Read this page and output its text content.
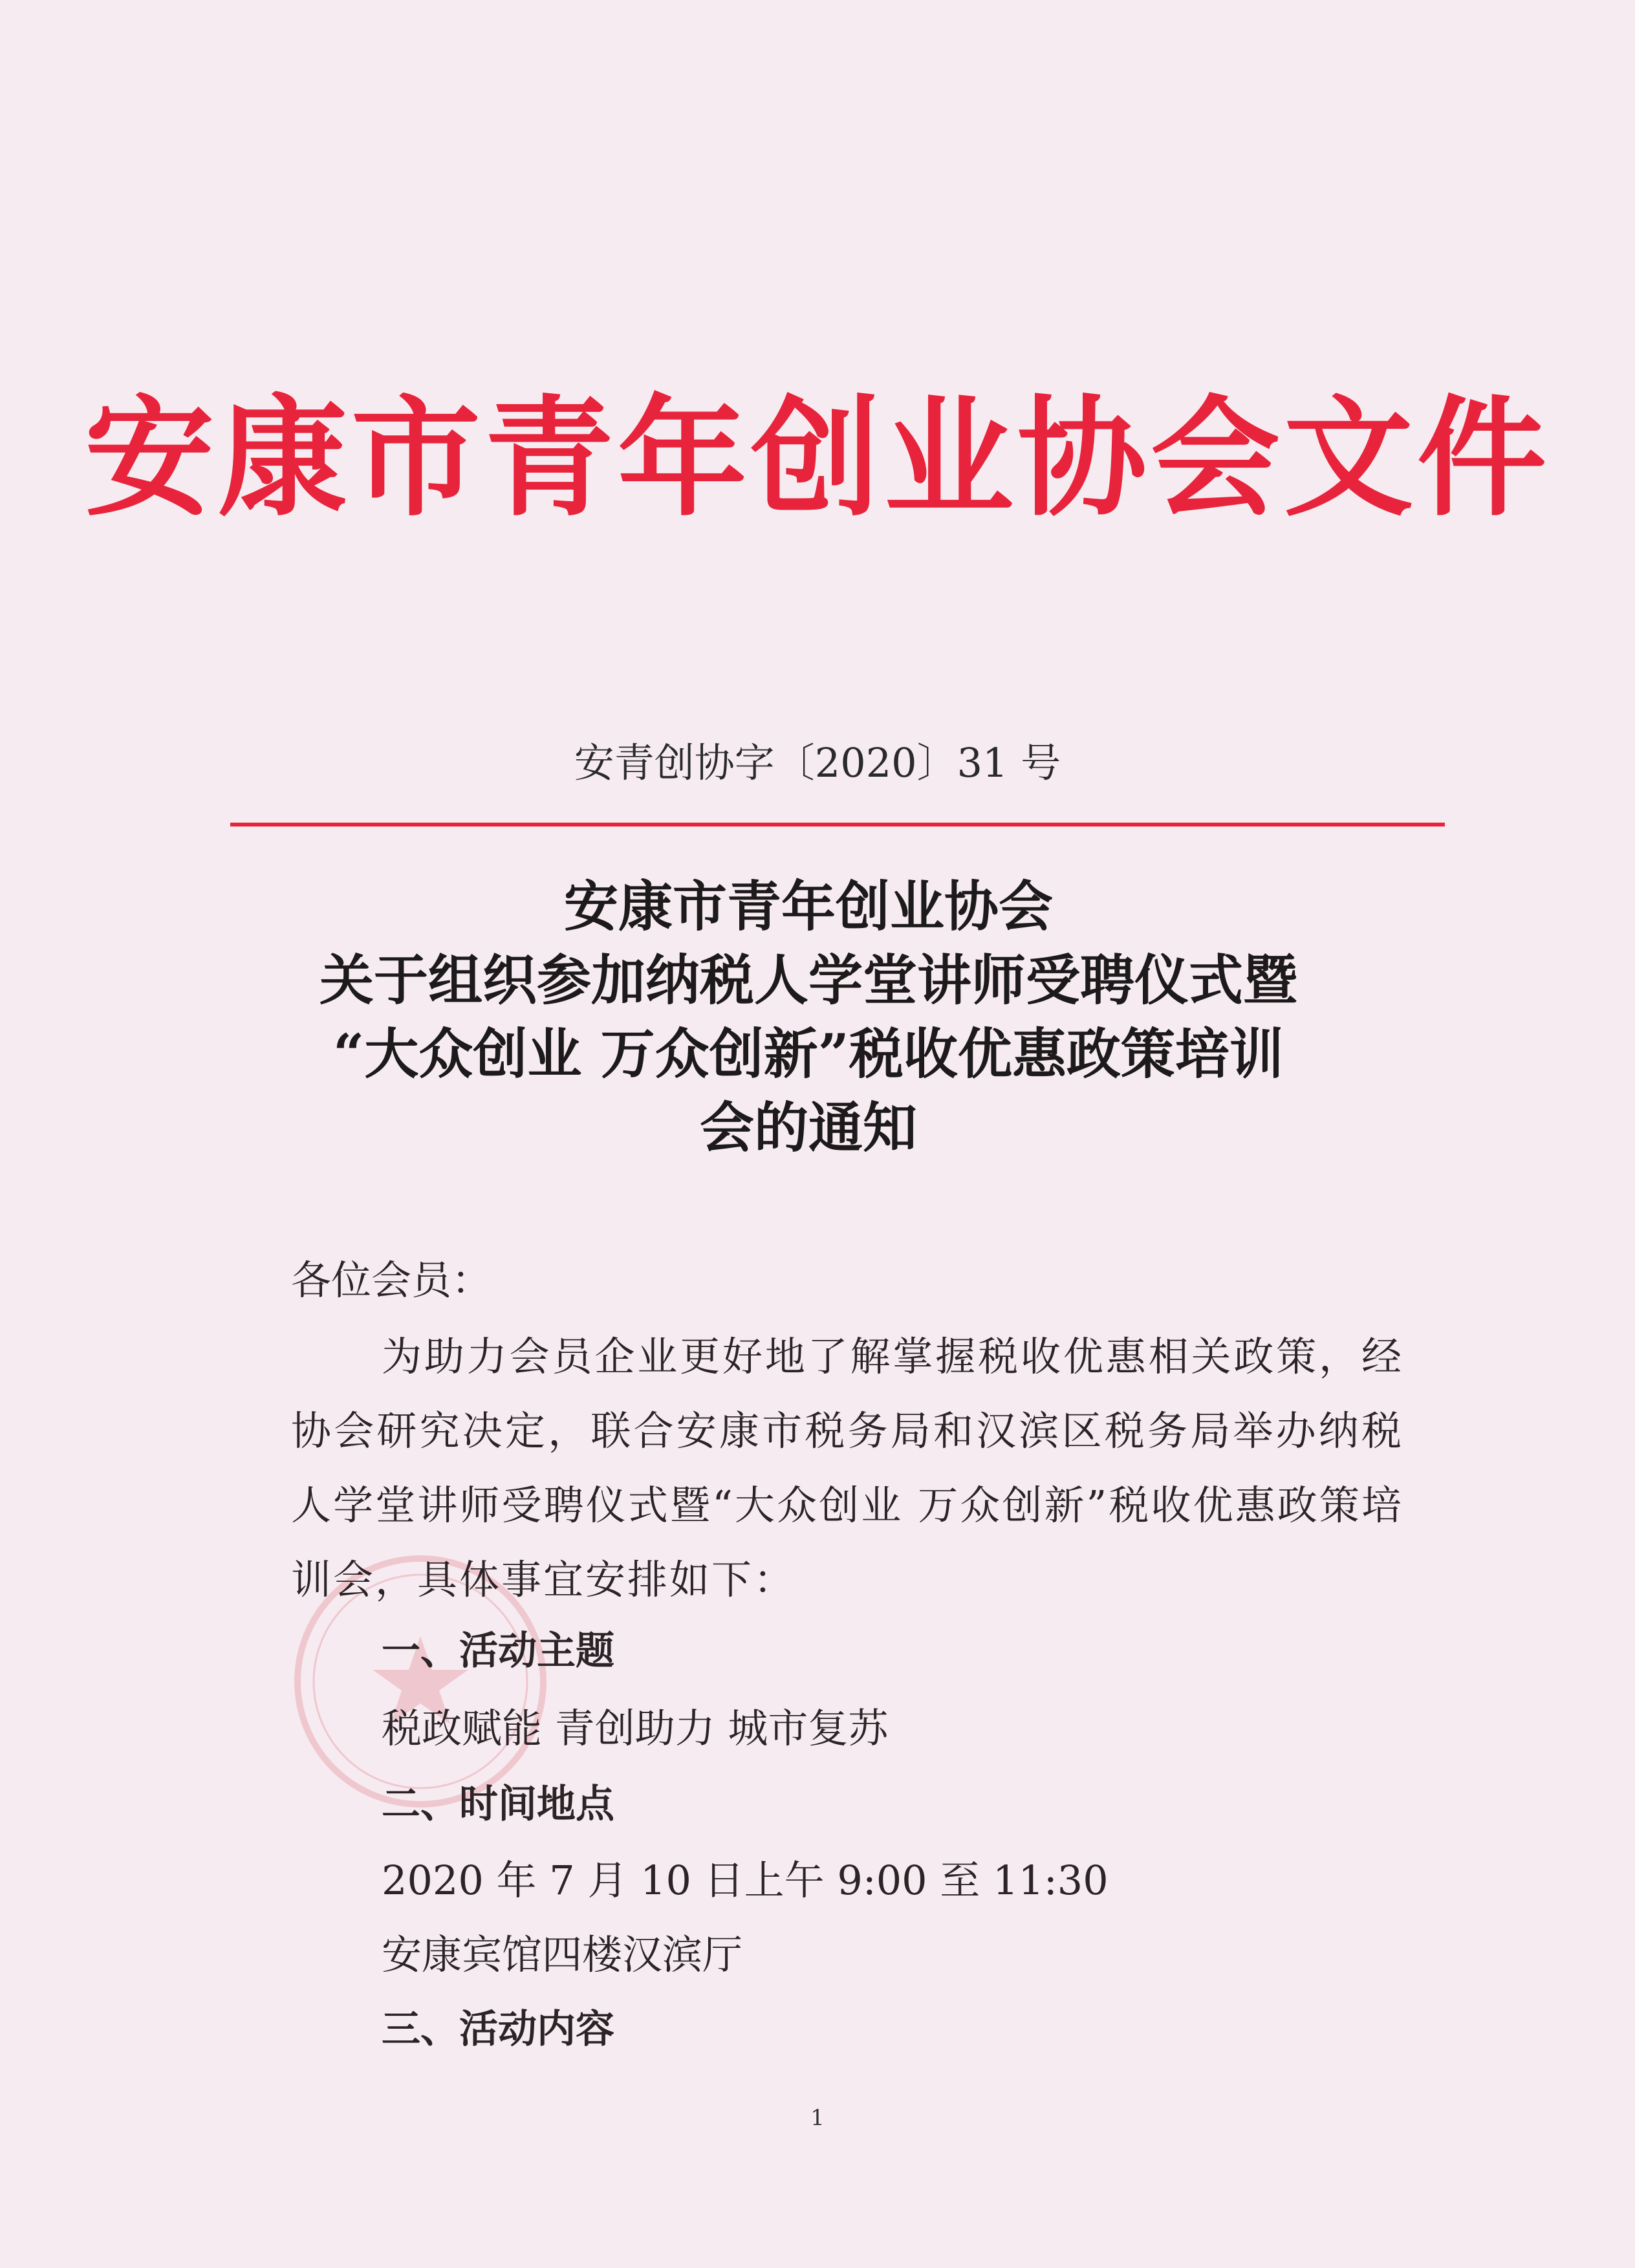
安康市青年创业协会文件
安青创协字〔2020〕31 号
安康市青年创业协会
关于组织参加纳税人学堂讲师受聘仪式暨
“大众创业 万众创新”税收优惠政策培训
会的通知
各位会员：

为助力会员企业更好地了解掌握税收优惠相关政策，经协会研究决定，联合安康市税务局和汉滨区税务局举办纳税人学堂讲师受聘仪式暨“大众创业 万众创新”税收优惠政策培训会，具体事宜安排如下：

一、活动主题
税政赋能 青创助力 城市复苏
二、时间地点
2020 年 7 月 10 日上午 9:00 至 11:30
安康宾馆四楼汉滨厅
三、活动内容
1
